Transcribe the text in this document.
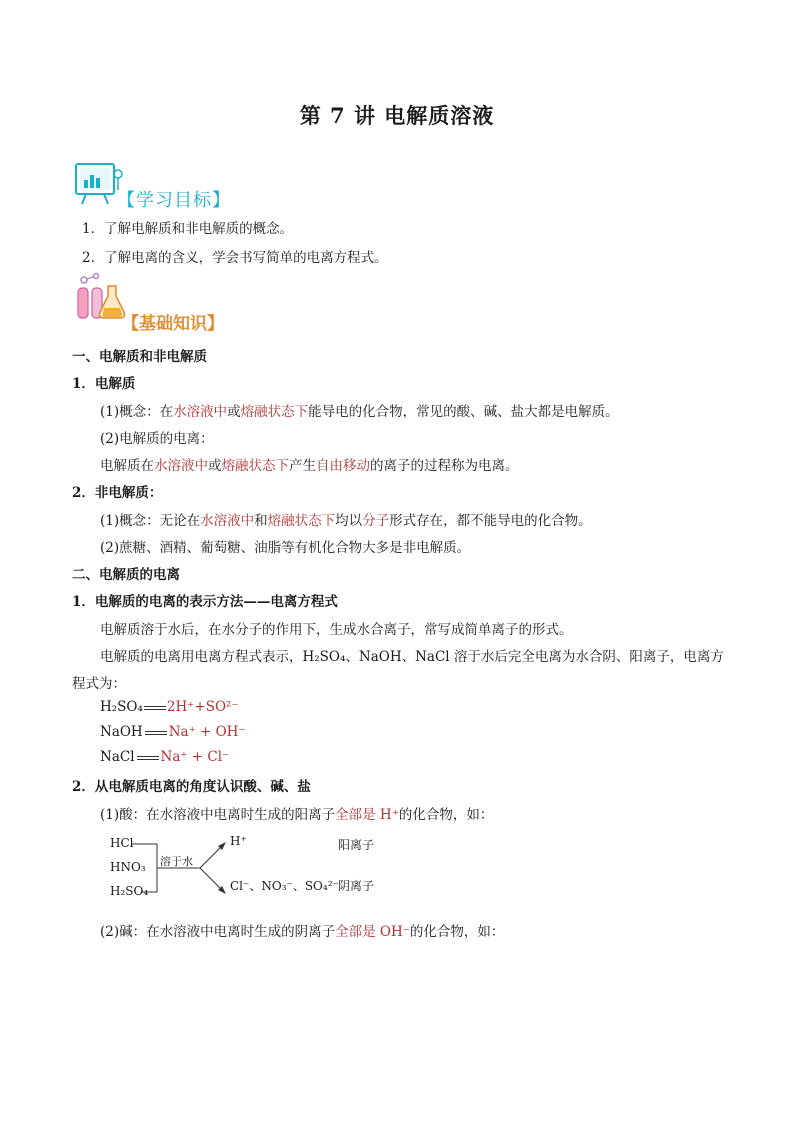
第 7 讲 电解质溶液
【学习目标】
1．了解电解质和非电解质的概念。
2．了解电离的含义，学会书写简单的电离方程式。
【基础知识】
一、电解质和非电解质
1．电解质
(1)概念：在水溶液中或熔融状态下能导电的化合物，常见的酸、碱、盐大都是电解质。
(2)电解质的电离：
电解质在水溶液中或熔融状态下产生自由移动的离子的过程称为电离。
2．非电解质：
(1)概念：无论在水溶液中和熔融状态下均以分子形式存在，都不能导电的化合物。
(2)蔗糖、酒精、葡萄糖、油脂等有机化合物大多是非电解质。
二、电解质的电离
1．电解质的电离的表示方法——电离方程式
电解质溶于水后，在水分子的作用下，生成水合离子，常写成简单离子的形式。
电解质的电离用电离方程式表示，H₂SO₄、NaOH、NaCl 溶于水后完全电离为水合阴、阳离子，电离方
程式为：
H₂SO₄ 2H⁺+SO²⁻
NaOH Na⁺ + OH⁻
NaCl Na⁺ + Cl⁻
2．从电解质电离的角度认识酸、碱、盐
(1)酸：在水溶液中电离时生成的阳离子全部是 H⁺的化合物，如：
HCl
HNO₃
H₂SO₄
溶于水
H⁺
Cl⁻、NO₃⁻、SO₄²⁻
阳离子
阴离子
(2)碱：在水溶液中电离时生成的阴离子全部是 OH⁻的化合物，如：
